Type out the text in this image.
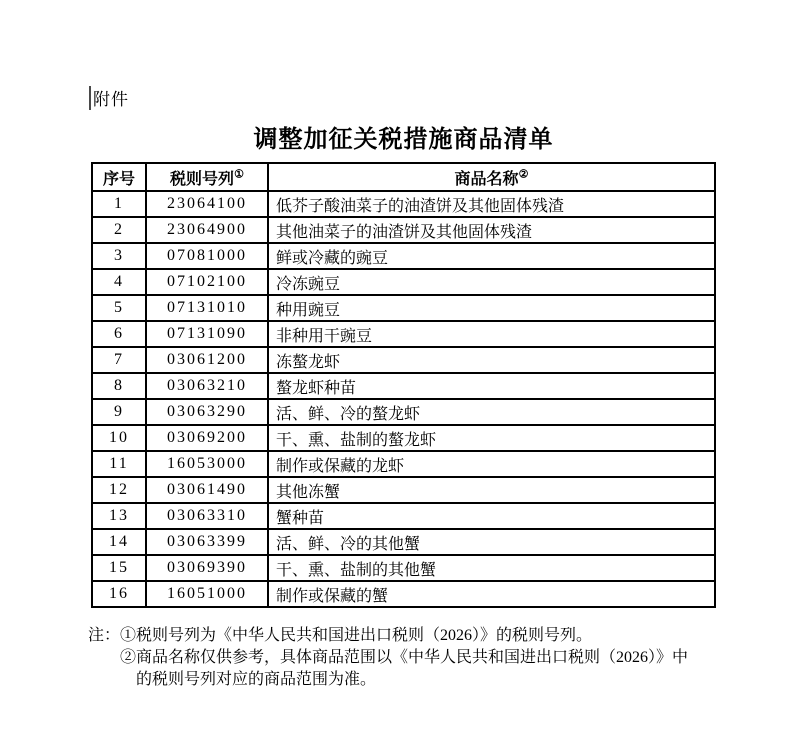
附件
调整加征关税措施商品清单
序号	税则号列①	商品名称②
1	23064100	低芥子酸油菜子的油渣饼及其他固体残渣
2	23064900	其他油菜子的油渣饼及其他固体残渣
3	07081000	鲜或冷藏的豌豆
4	07102100	冷冻豌豆
5	07131010	种用豌豆
6	07131090	非种用干豌豆
7	03061200	冻螯龙虾
8	03063210	螯龙虾种苗
9	03063290	活、鲜、冷的螯龙虾
10	03069200	干、熏、盐制的螯龙虾
11	16053000	制作或保藏的龙虾
12	03061490	其他冻蟹
13	03063310	蟹种苗
14	03063399	活、鲜、冷的其他蟹
15	03069390	干、熏、盐制的其他蟹
16	16051000	制作或保藏的蟹
注：①税则号列为《中华人民共和国进出口税则（2026）》的税则号列。
②商品名称仅供参考，具体商品范围以《中华人民共和国进出口税则（2026）》中
的税则号列对应的商品范围为准。
